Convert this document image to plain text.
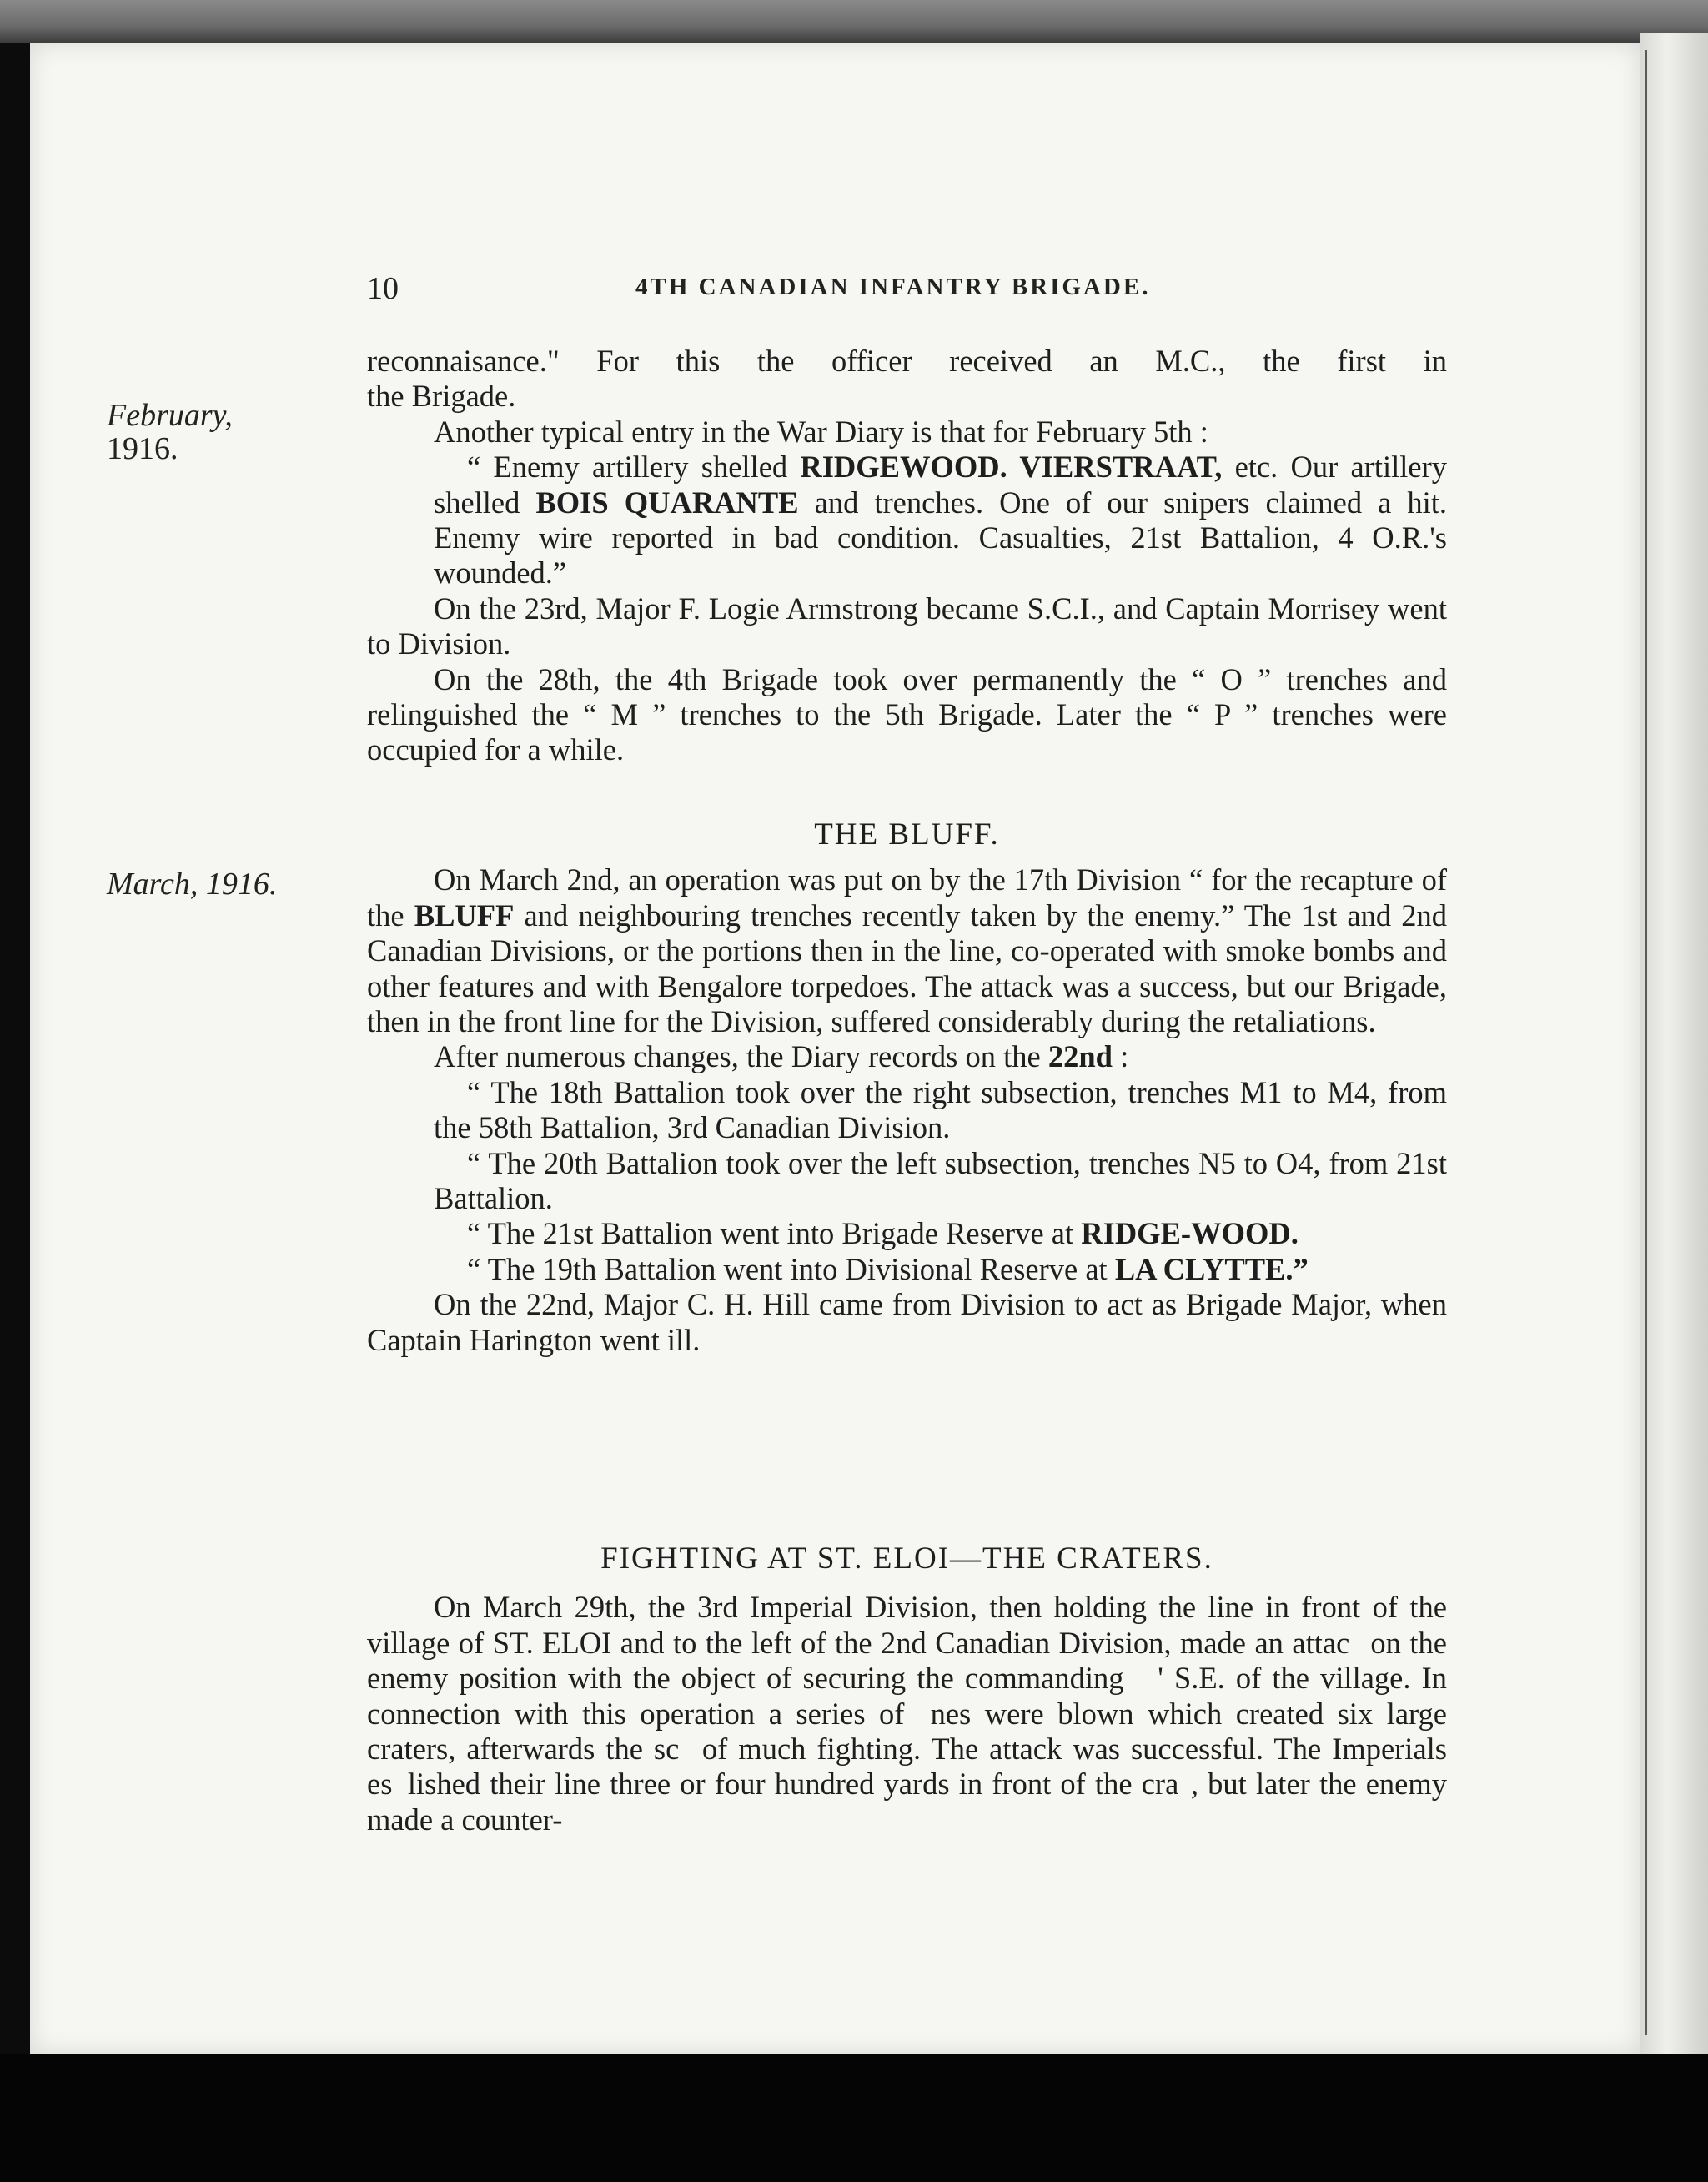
10	4TH CANADIAN INFANTRY BRIGADE.
February,
1916.
March, 1916.

reconnaisance." For this the officer received an M.C., the first in

the Brigade.

Another typical entry in the War Diary is that for February 5th :

“ Enemy artillery shelled RIDGEWOOD. VIERSTRAAT, etc. Our artillery shelled BOIS QUARANTE and trenches. One of our snipers claimed a hit. Enemy wire reported in bad condition. Casualties, 21st Battalion, 4 O.R.'s wounded.”

On the 23rd, Major F. Logie Armstrong became S.C.I., and Captain Morrisey went to Division.

On the 28th, the 4th Brigade took over permanently the “ O ” trenches and relinguished the “ M ” trenches to the 5th Brigade. Later the “ P ” trenches were occupied for a while.

THE BLUFF.

On March 2nd, an operation was put on by the 17th Division “ for the recapture of the BLUFF and neighbouring trenches recently taken by the enemy.” The 1st and 2nd Canadian Divisions, or the portions then in the line, co-operated with smoke bombs and other features and with Bengalore torpedoes. The attack was a success, but our Brigade, then in the front line for the Division, suffered considerably during the retaliations.

After numerous changes, the Diary records on the 22nd :

“ The 18th Battalion took over the right subsection, trenches M1 to M4, from the 58th Battalion, 3rd Canadian Division.

“ The 20th Battalion took over the left subsection, trenches N5 to O4, from 21st Battalion.

“ The 21st Battalion went into Brigade Reserve at RIDGE-WOOD.

“ The 19th Battalion went into Divisional Reserve at LA CLYTTE.”

On the 22nd, Major C. H. Hill came from Division to act as Brigade Major, when Captain Harington went ill.

FIGHTING AT ST. ELOI—THE CRATERS.

On March 29th, the 3rd Imperial Division, then holding the line in front of the village of ST. ELOI and to the left of the 2nd Canadian Division, made an attac   on the enemy position with the object of securing the commanding    ' S.E. of the village. In connection with this operation a series of   nes were blown which created six large craters, afterwards the sc   of much fighting. The attack was successful. The Imperials es  lished their line three or four hundred yards in front of the cra  , but later the enemy made a counter-
